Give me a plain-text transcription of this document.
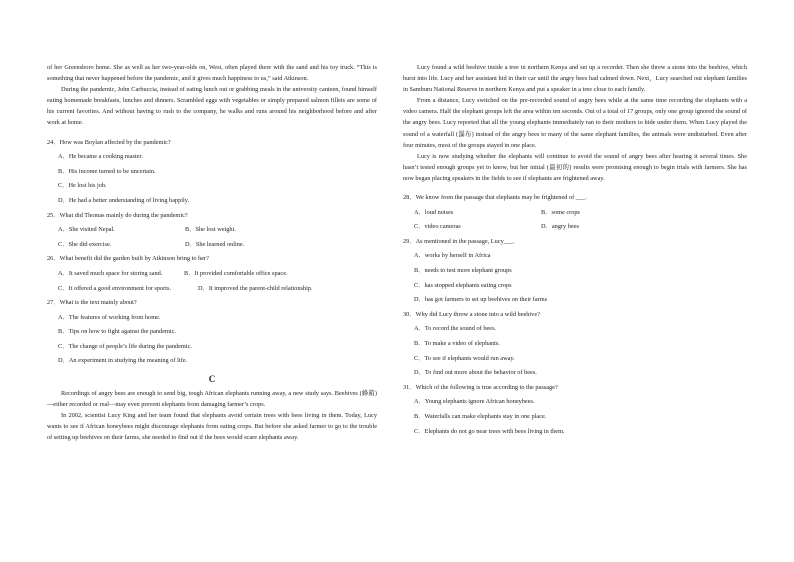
of her Greensboro home. She as well as her two-year-olds on, West, often played there with the sand and his toy truck. “This is something that never happened before the pandemic, and it gives much happiness to us,” said Atkinson.

During the pandemic, John Carbuccia, instead of eating lunch out or grabbing meals in the university canteen, found himself eating homemade breakfasts, lunches and dinners. Scrambled eggs with vegetables or simply prepared salmon fillets are some of his current favorites. And without having to rush to the company, he walks and runs around his neighborhood before and after work at home.

24．How was Boylan affected by the pandemic?
A．He became a cooking master.
B．His income turned to be uncertain.
C．He lost his job.
D．He had a better understanding of living happily.
25．What did Thomas mainly do during the pandemic?
A．She visited Nepal.	B．She lost weight.
C．She did exercise.	D．She learned online.
26．What benefit did the garden built by Atkinson bring to her?
A．It saved much space for storing sand.	B．It provided comfortable office space.
C．It offered a good environment for sports.	D．It improved the parent-child relationship.
27．What is the text mainly about?
A．The features of working from home.
B．Tips on how to fight against the pandemic.
C．The change of people’s life during the pandemic.
D．An experiment in studying the meaning of life.
C

Recordings of angry bees are enough to send big, tough African elephants running away, a new study says. Beehives (蜂箱)—either recorded or real—may even prevent elephants from damaging farmer’s crops.

In 2002, scientist Lucy King and her team found that elephants avoid certain trees with bees living in them. Today, Lucy wants to see if African honeybees might discourage elephants from eating crops. But before she asked farmer to go to the trouble of setting up beehives on their farms, she needed to find out if the bees would scare elephants away.

Lucy found a wild beehive inside a tree in northern Kenya and set up a recorder. Then she threw a stone into the beehive, which burst into life. Lucy and her assistant hid in their car until the angry bees had calmed down. Next，Lucy searched out elephant families in Samburu National Reserve in northern Kenya and put a speaker in a tree close to each family.

From a distance, Lucy switched on the pre-recorded sound of angry bees while at the same time recording the elephants with a video camera. Half the elephant groups left the area within ten seconds. Out of a total of 17 groups, only one group ignored the sound of the angry bees. Lucy reported that all the young elephants immediately ran to their mothers to hide under them. When Lucy played the sound of a waterfall (瀑布) instead of the angry bees to many of the same elephant families, the animals were undisturbed. Even after four minutes, most of the groups stayed in one place.

Lucy is now studying whether the elephants will continue to avoid the sound of angry bees after hearing it several times. She hasn’t tested enough groups yet to know, but her initial (最初的) results were promising enough to begin trials with farmers. She has now began placing speakers in the fields to see if elephants are frightened away.

28．We know from the passage that elephants may be frightened of ___.
A．loud noises	B．some crops
C．video cameras	D．angry bees
29．As mentioned in the passage, Lucy___.
A．works by herself in Africa
B．needs to test more elephant groups
C．has stopped elephants eating crops
D．has got farmers to set up beehives on their farms
30．Why did Lucy throw a stone into a wild beehive?
A．To record the sound of bees.
B．To make a video of elephants.
C．To see if elephants would run away.
D．To find out more about the behavior of bees.
31．Which of the following is true according to the passage?
A．Young elephants ignore African honeybees.
B．Waterfalls can make elephants stay in one place.
C．Elephants do not go near trees with bees living in them.
